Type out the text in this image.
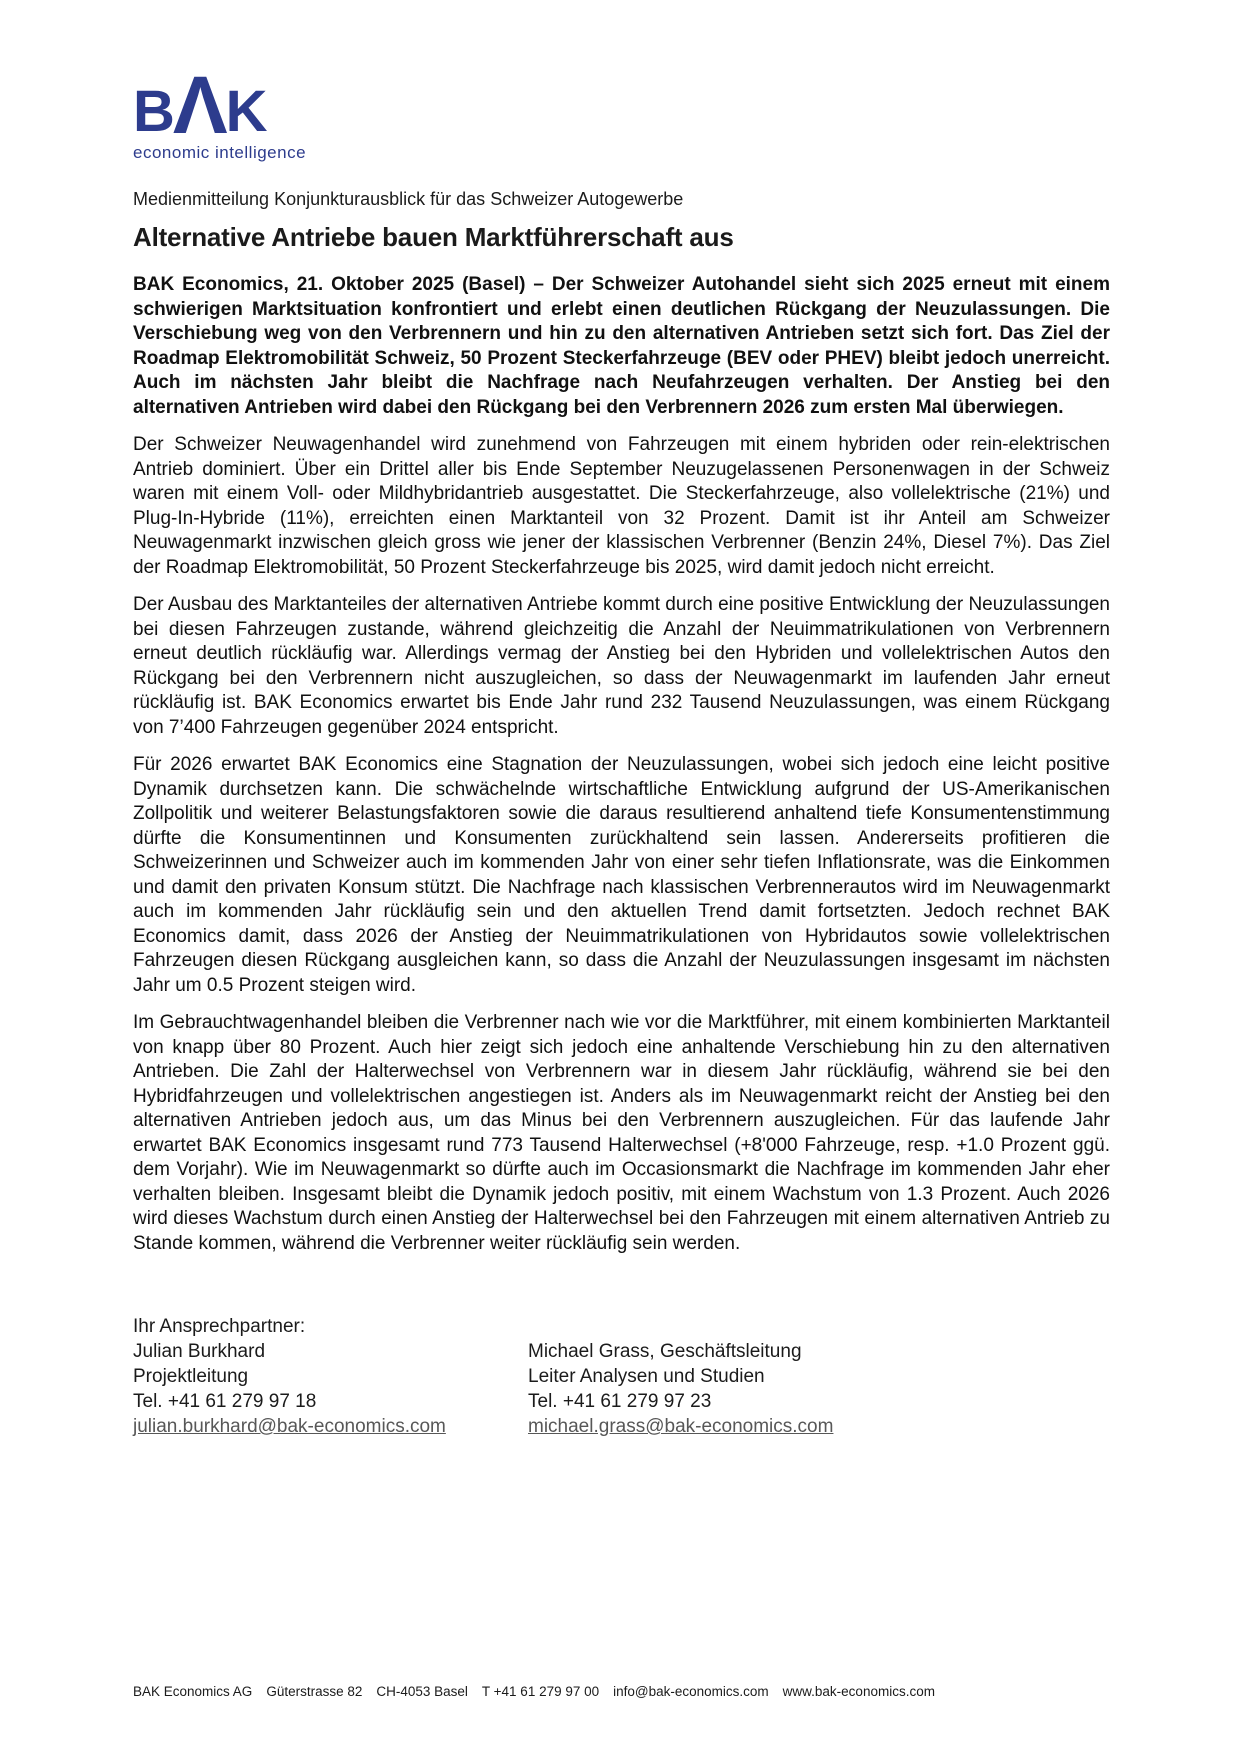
B Λ K
economic intelligence
Medienmitteilung Konjunkturausblick für das Schweizer Autogewerbe
Alternative Antriebe bauen Marktführerschaft aus

BAK Economics, 21. Oktober 2025 (Basel) – Der Schweizer Autohandel sieht sich 2025 erneut mit einem schwierigen Marktsituation konfrontiert und erlebt einen deutlichen Rückgang der Neuzulassungen. Die Verschiebung weg von den Verbrennern und hin zu den alternativen Antrieben setzt sich fort. Das Ziel der Roadmap Elektromobilität Schweiz, 50 Prozent Steckerfahrzeuge (BEV oder PHEV) bleibt jedoch unerreicht. Auch im nächsten Jahr bleibt die Nachfrage nach Neufahrzeugen verhalten. Der Anstieg bei den alternativen Antrieben wird dabei den Rückgang bei den Verbrennern 2026 zum ersten Mal überwiegen.

Der Schweizer Neuwagenhandel wird zunehmend von Fahrzeugen mit einem hybriden oder rein-elektrischen Antrieb dominiert. Über ein Drittel aller bis Ende September Neuzugelassenen Personenwagen in der Schweiz waren mit einem Voll- oder Mildhybridantrieb ausgestattet. Die Steckerfahrzeuge, also vollelektrische (21%) und Plug-In-Hybride (11%), erreichten einen Marktanteil von 32 Prozent. Damit ist ihr Anteil am Schweizer Neuwagenmarkt inzwischen gleich gross wie jener der klassischen Verbrenner (Benzin 24%, Diesel 7%). Das Ziel der Roadmap Elektromobilität, 50 Prozent Steckerfahrzeuge bis 2025, wird damit jedoch nicht erreicht.

Der Ausbau des Marktanteiles der alternativen Antriebe kommt durch eine positive Entwicklung der Neuzulassungen bei diesen Fahrzeugen zustande, während gleichzeitig die Anzahl der Neuimmatrikulationen von Verbrennern erneut deutlich rückläufig war. Allerdings vermag der Anstieg bei den Hybriden und vollelektrischen Autos den Rückgang bei den Verbrennern nicht auszugleichen, so dass der Neuwagenmarkt im laufenden Jahr erneut rückläufig ist. BAK Economics erwartet bis Ende Jahr rund 232 Tausend Neuzulassungen, was einem Rückgang von 7’400 Fahrzeugen gegenüber 2024 entspricht.

Für 2026 erwartet BAK Economics eine Stagnation der Neuzulassungen, wobei sich jedoch eine leicht positive Dynamik durchsetzen kann. Die schwächelnde wirtschaftliche Entwicklung aufgrund der US-Amerikanischen Zollpolitik und weiterer Belastungsfaktoren sowie die daraus resultierend anhaltend tiefe Konsumentenstimmung dürfte die Konsumentinnen und Konsumenten zurückhaltend sein lassen. Andererseits profitieren die Schweizerinnen und Schweizer auch im kommenden Jahr von einer sehr tiefen Inflationsrate, was die Einkommen und damit den privaten Konsum stützt. Die Nachfrage nach klassischen Verbrennerautos wird im Neuwagenmarkt auch im kommenden Jahr rückläufig sein und den aktuellen Trend damit fortsetzten. Jedoch rechnet BAK Economics damit, dass 2026 der Anstieg der Neuimmatrikulationen von Hybridautos sowie vollelektrischen Fahrzeugen diesen Rückgang ausgleichen kann, so dass die Anzahl der Neuzulassungen insgesamt im nächsten Jahr um 0.5 Prozent steigen wird.

Im Gebrauchtwagenhandel bleiben die Verbrenner nach wie vor die Marktführer, mit einem kombinierten Marktanteil von knapp über 80 Prozent. Auch hier zeigt sich jedoch eine anhaltende Verschiebung hin zu den alternativen Antrieben. Die Zahl der Halterwechsel von Verbrennern war in diesem Jahr rückläufig, während sie bei den Hybridfahrzeugen und vollelektrischen angestiegen ist. Anders als im Neuwagenmarkt reicht der Anstieg bei den alternativen Antrieben jedoch aus, um das Minus bei den Verbrennern auszugleichen. Für das laufende Jahr erwartet BAK Economics insgesamt rund 773 Tausend Halterwechsel (+8'000 Fahrzeuge, resp. +1.0 Prozent ggü. dem Vorjahr). Wie im Neuwagenmarkt so dürfte auch im Occasionsmarkt die Nachfrage im kommenden Jahr eher verhalten bleiben. Insgesamt bleibt die Dynamik jedoch positiv, mit einem Wachstum von 1.3 Prozent. Auch 2026 wird dieses Wachstum durch einen Anstieg der Halterwechsel bei den Fahrzeugen mit einem alternativen Antrieb zu Stande kommen, während die Verbrenner weiter rückläufig sein werden.

Ihr Ansprechpartner:
Julian Burkhard
Projektleitung
Tel. +41 61 279 97 18
julian.burkhard@bak-economics.com
Michael Grass, Geschäftsleitung
Leiter Analysen und Studien
Tel. +41 61 279 97 23
michael.grass@bak-economics.com
BAK Economics AG Güterstrasse 82 CH-4053 Basel T +41 61 279 97 00 info@bak-economics.com www.bak-economics.com
